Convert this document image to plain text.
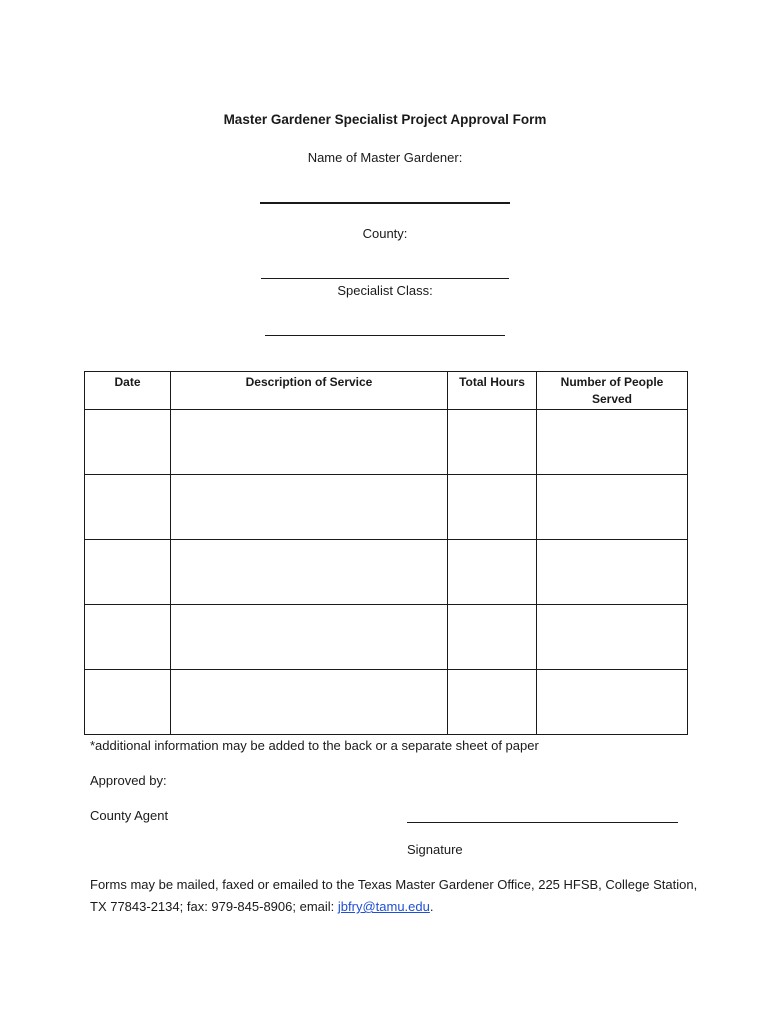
Master Gardener Specialist Project Approval Form
Name of Master Gardener:
County:
Specialist Class:
Date	Description of Service	Total Hours	Number of People Served

*additional information may be added to the back or a separate sheet of paper
Approved by:
County Agent
Signature
Forms may be mailed, faxed or emailed to the Texas Master Gardener Office, 225 HFSB, College Station, TX 77843-2134; fax: 979-845-8906; email: jbfry@tamu.edu.
